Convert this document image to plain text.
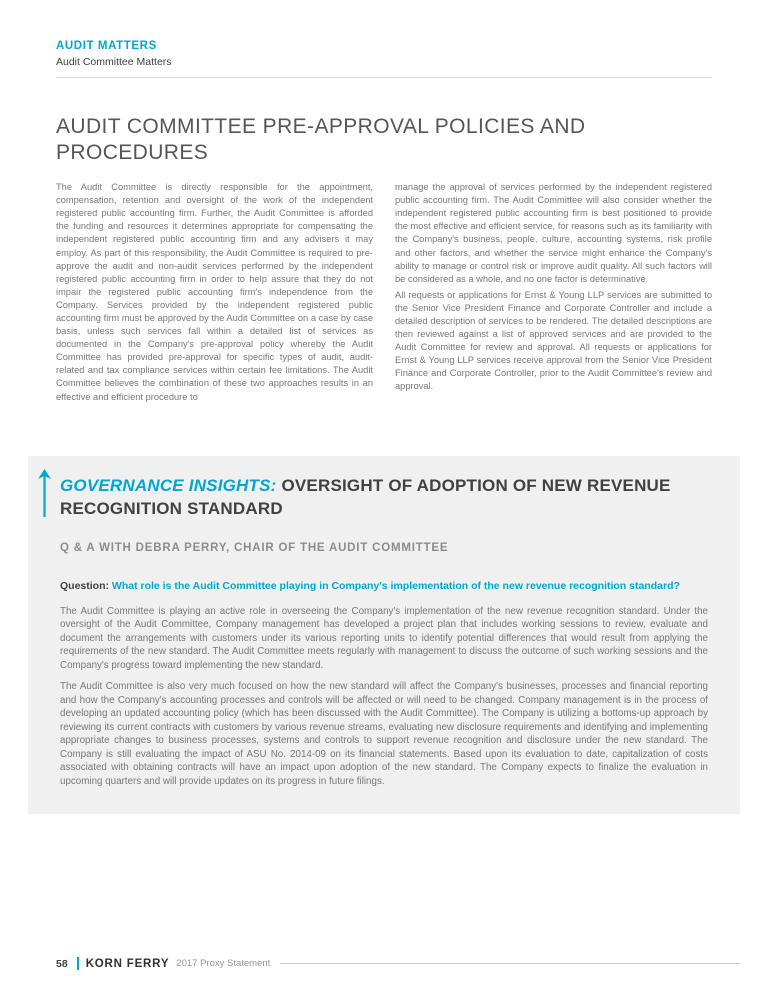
AUDIT MATTERS
Audit Committee Matters
AUDIT COMMITTEE PRE-APPROVAL POLICIES AND PROCEDURES

The Audit Committee is directly responsible for the appointment, compensation, retention and oversight of the work of the independent registered public accounting firm. Further, the Audit Committee is afforded the funding and resources it determines appropriate for compensating the independent registered public accounting firm and any advisers it may employ. As part of this responsibility, the Audit Committee is required to pre-approve the audit and non-audit services performed by the independent registered public accounting firm in order to help assure that they do not impair the registered public accounting firm's independence from the Company. Services provided by the independent registered public accounting firm must be approved by the Audit Committee on a case by case basis, unless such services fall within a detailed list of services as documented in the Company's pre-approval policy whereby the Audit Committee has provided pre-approval for specific types of audit, audit-related and tax compliance services within certain fee limitations. The Audit Committee believes the combination of these two approaches results in an effective and efficient procedure to

manage the approval of services performed by the independent registered public accounting firm. The Audit Committee will also consider whether the independent registered public accounting firm is best positioned to provide the most effective and efficient service, for reasons such as its familiarity with the Company's business, people, culture, accounting systems, risk profile and other factors, and whether the service might enhance the Company's ability to manage or control risk or improve audit quality. All such factors will be considered as a whole, and no one factor is determinative.

All requests or applications for Ernst & Young LLP services are submitted to the Senior Vice President Finance and Corporate Controller and include a detailed description of services to be rendered. The detailed descriptions are then reviewed against a list of approved services and are provided to the Audit Committee for review and approval. All requests or applications for Ernst & Young LLP services receive approval from the Senior Vice President Finance and Corporate Controller, prior to the Audit Committee's review and approval.

GOVERNANCE INSIGHTS: OVERSIGHT OF ADOPTION OF NEW REVENUE RECOGNITION STANDARD
Q & A WITH DEBRA PERRY, CHAIR OF THE AUDIT COMMITTEE
Question: What role is the Audit Committee playing in Company's implementation of the new revenue recognition standard?

The Audit Committee is playing an active role in overseeing the Company's implementation of the new revenue recognition standard. Under the oversight of the Audit Committee, Company management has developed a project plan that includes working sessions to review, evaluate and document the arrangements with customers under its various reporting units to identify potential differences that would result from applying the requirements of the new standard. The Audit Committee meets regularly with management to discuss the outcome of such working sessions and the Company's progress toward implementing the new standard.

The Audit Committee is also very much focused on how the new standard will affect the Company's businesses, processes and financial reporting and how the Company's accounting processes and controls will be affected or will need to be changed. Company management is in the process of developing an updated accounting policy (which has been discussed with the Audit Committee). The Company is utilizing a bottoms-up approach by reviewing its current contracts with customers by various revenue streams, evaluating new disclosure requirements and identifying and implementing appropriate changes to business processes, systems and controls to support revenue recognition and disclosure under the new standard. The Company is still evaluating the impact of ASU No. 2014-09 on its financial statements. Based upon its evaluation to date, capitalization of costs associated with obtaining contracts will have an impact upon adoption of the new standard. The Company expects to finalize the evaluation in upcoming quarters and will provide updates on its progress in future filings.

58 KORN FERRY 2017 Proxy Statement
